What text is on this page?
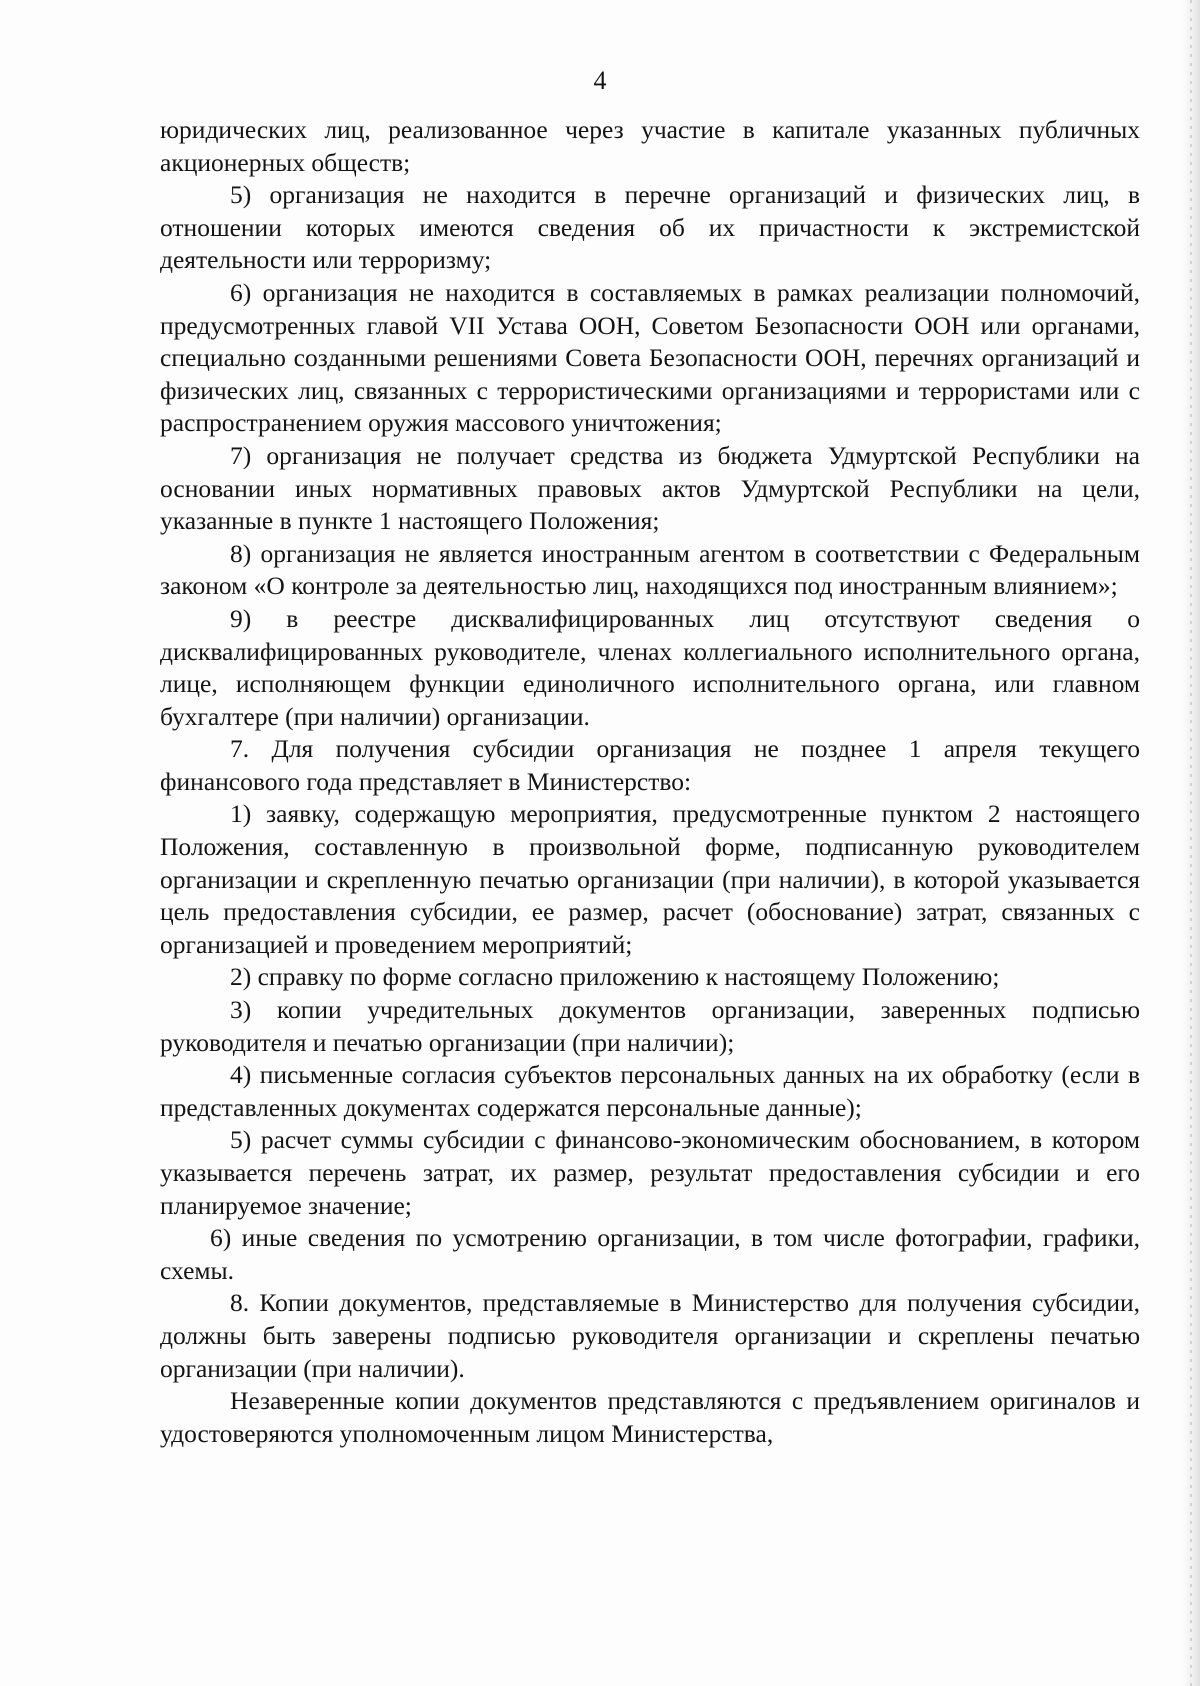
4

юридических лиц, реализованное через участие в капитале указанных публичных акционерных обществ;

5) организация не находится в перечне организаций и физических лиц, в отношении которых имеются сведения об их причастности к экстремистской деятельности или терроризму;

6) организация не находится в составляемых в рамках реализации полномочий, предусмотренных главой VII Устава ООН, Советом Безопасности ООН или органами, специально созданными решениями Совета Безопасности ООН, перечнях организаций и физических лиц, связанных с террористическими организациями и террористами или с распространением оружия массового уничтожения;

7) организация не получает средства из бюджета Удмуртской Республики на основании иных нормативных правовых актов Удмуртской Республики на цели, указанные в пункте 1 настоящего Положения;

8) организация не является иностранным агентом в соответствии с Федеральным законом «О контроле за деятельностью лиц, находящихся под иностранным влиянием»;

9) в реестре дисквалифицированных лиц отсутствуют сведения о дисквалифицированных руководителе, членах коллегиального исполнительного органа, лице, исполняющем функции единоличного исполнительного органа, или главном бухгалтере (при наличии) организации.

7. Для получения субсидии организация не позднее 1 апреля текущего финансового года представляет в Министерство:

1) заявку, содержащую мероприятия, предусмотренные пунктом 2 настоящего Положения, составленную в произвольной форме, подписанную руководителем организации и скрепленную печатью организации (при наличии), в которой указывается цель предоставления субсидии, ее размер, расчет (обоснование) затрат, связанных с организацией и проведением мероприятий;

2) справку по форме согласно приложению к настоящему Положению;

3) копии учредительных документов организации, заверенных подписью руководителя и печатью организации (при наличии);

4) письменные согласия субъектов персональных данных на их обработку (если в представленных документах содержатся персональные данные);

5) расчет суммы субсидии с финансово-экономическим обоснованием, в котором указывается перечень затрат, их размер, результат предоставления субсидии и его планируемое значение;

6) иные сведения по усмотрению организации, в том числе фотографии, графики, схемы.

8. Копии документов, представляемые в Министерство для получения субсидии, должны быть заверены подписью руководителя организации и скреплены печатью организации (при наличии).

Незаверенные копии документов представляются с предъявлением оригиналов и удостоверяются уполномоченным лицом Министерства,
